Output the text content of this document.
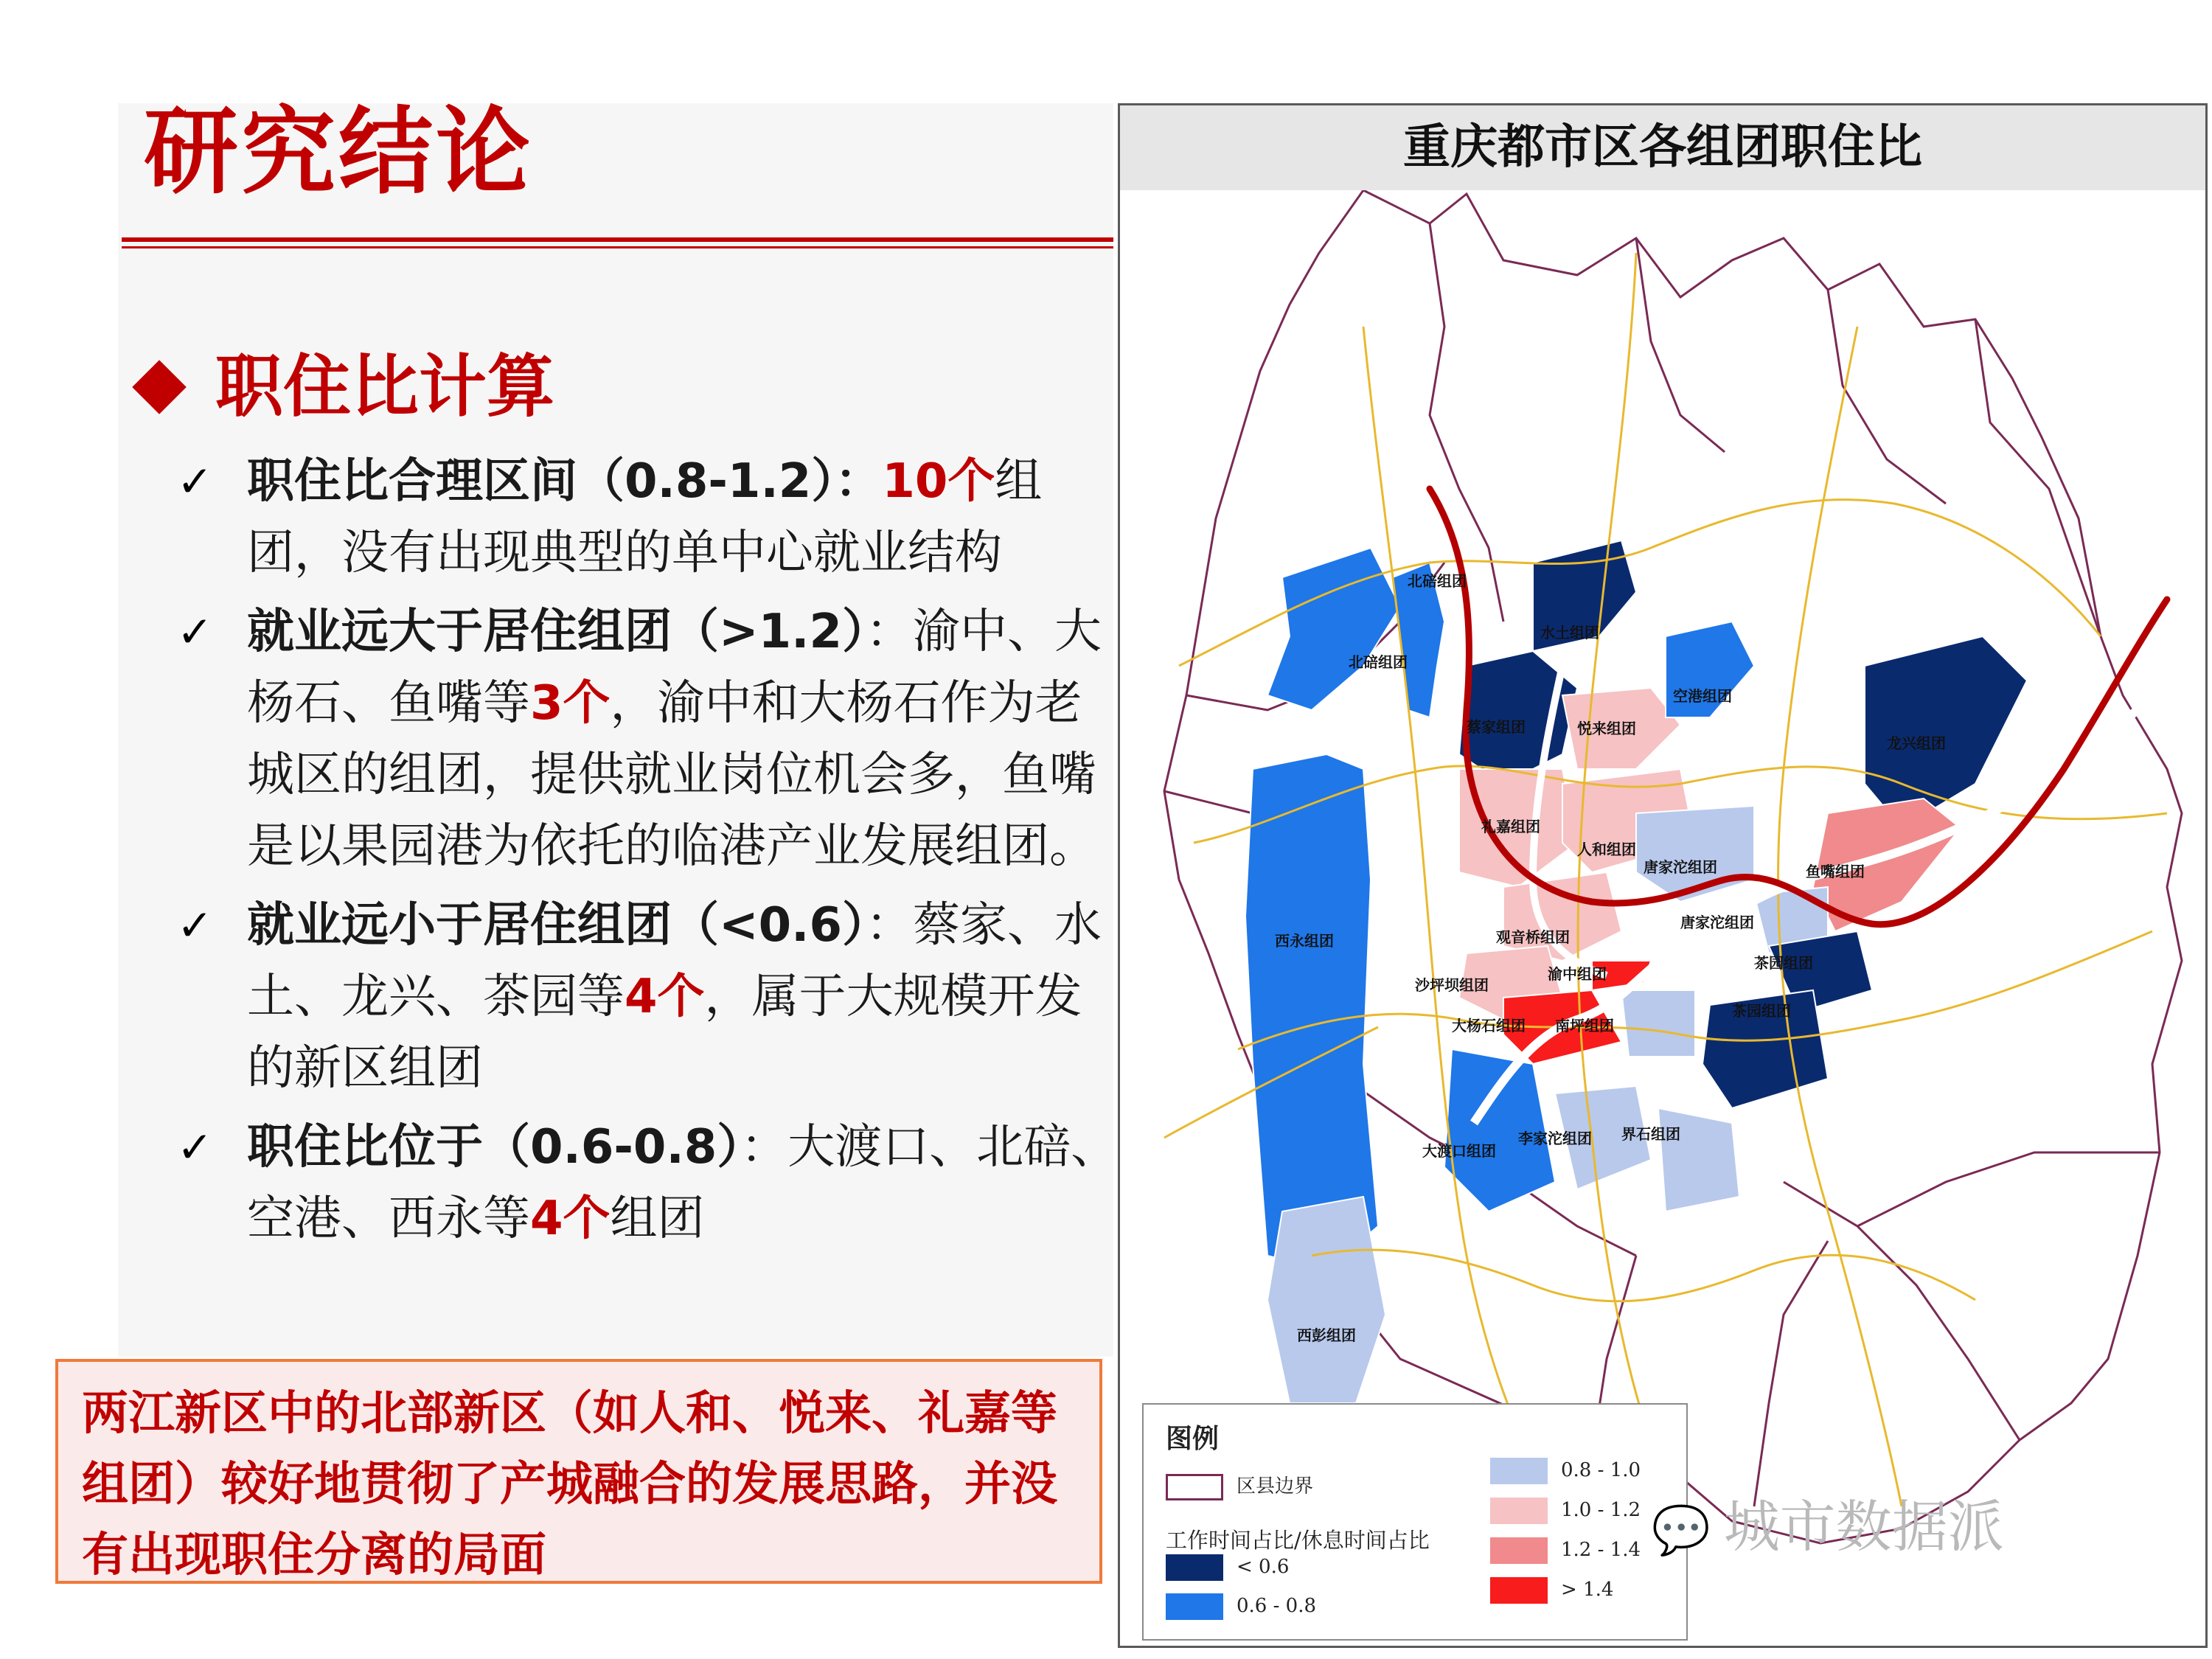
研究结论
职住比计算
✓ 职住比合理区间（0.8-1.2）：10个组团，没有出现典型的单中心就业结构
✓ 就业远大于居住组团（>1.2）：渝中、大杨石、鱼嘴等3个，渝中和大杨石作为老城区的组团，提供就业岗位机会多，鱼嘴是以果园港为依托的临港产业发展组团。
✓ 就业远小于居住组团（<0.6）：蔡家、水土、龙兴、茶园等4个，属于大规模开发的新区组团
✓ 职住比位于（0.6-0.8）：大渡口、北碚、空港、西永等4个组团
两江新区中的北部新区（如人和、悦来、礼嘉等组团）较好地贯彻了产城融合的发展思路，并没有出现职住分离的局面
北碚组团
北碚组团
水土组团
蔡家组团	悦来组团
空港组团
龙兴组团
礼嘉组团
人和组团
唐家沱组团	鱼嘴组团
西永组团	观音桥组团
唐家沱组团
茶园组团
渝中组团
沙坪坝组团
大杨石组团 南坪组团
茶园组团
大渡口组团
李家沱组团 界石组团
西彭组团
重庆都市区各组团职住比
图例
区县边界
工作时间占比/休息时间占比
< 0.6
0.6 - 0.8
0.8 - 1.0
1.0 - 1.2
1.2 - 1.4
> 1.4
💬 城市数据派
